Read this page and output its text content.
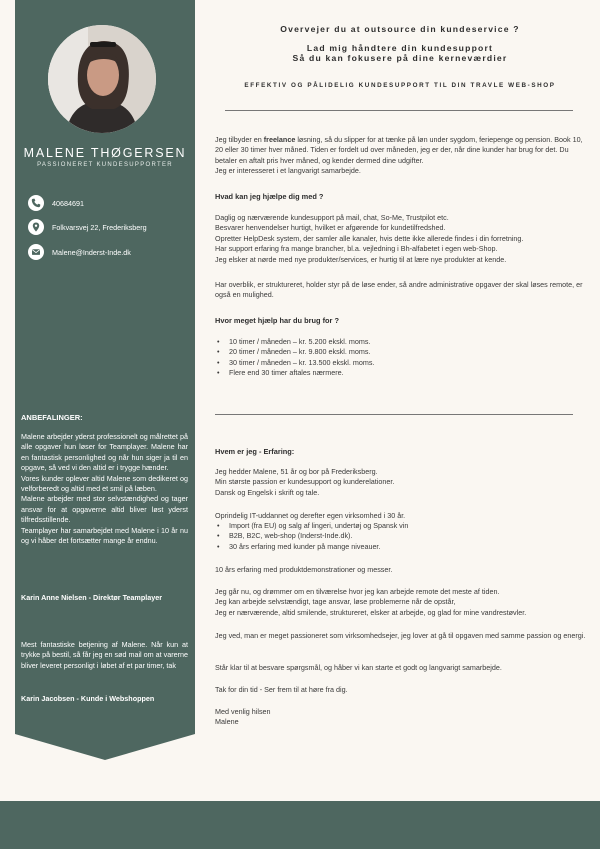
MALENE THØGERSEN
PASSIONERET KUNDESUPPORTER
40684691
Folkvarsvej 22, Frederiksberg
Malene@Inderst-Inde.dk
ANBEFALINGER:

Malene arbejder yderst professionelt og målrettet på alle opgaver hun løser for Teamplayer. Malene har en fantastisk personlighed og når hun siger ja til en opgave, så ved vi den altid er i trygge hænder.

Vores kunder oplever altid Malene som dedikeret og velforberedt og altid med et smil på læben.

Malene arbejder med stor selvstændighed og tager ansvar for at opgaverne altid bliver løst yderst tilfredsstillende.

Teamplayer har samarbejdet med Malene i 10 år nu og vi håber det fortsætter mange år endnu.

Karin Anne Nielsen - Direktør Teamplayer
Mest fantastiske betjening af Malene. Når kun at trykke på bestil, så får jeg en sød mail om at varerne bliver leveret personligt i løbet af et par timer, tak
Karin Jacobsen - Kunde i Webshoppen
Overvejer du at outsource din kundeservice ?
Lad mig håndtere din kundesupport
Så du kan fokusere på dine kerneværdier
EFFEKTIV OG PÅLIDELIG KUNDESUPPORT TIL DIN TRAVLE WEB-SHOP

Jeg tilbyder en freelance løsning, så du slipper for at tænke på løn under sygdom, feriepenge og pension. Book 10, 20 eller 30 timer hver måned. Tiden er fordelt ud over måneden, jeg er der, når dine kunder har brug for det. Du betaler en aftalt pris hver måned, og kender dermed dine udgifter.
Jeg er interesseret i et langvarigt samarbejde.

Hvad kan jeg hjælpe dig med ?

Daglig og nærværende kundesupport på mail, chat, So-Me, Trustpilot etc.
Besvarer henvendelser hurtigt, hvilket er afgørende for kundetilfredshed.
Opretter HelpDesk system, der samler alle kanaler, hvis dette ikke allerede findes i din forretning.
Har support erfaring fra mange brancher, bl.a. vejledning i Bh-alfabetet i egen web-Shop.
Jeg elsker at nørde med nye produkter/services, er hurtig til at lære nye produkter at kende.

Har overblik, er struktureret, holder styr på de løse ender, så andre administrative opgaver der skal løses remote, er også en mulighed.

Hvor meget hjælp har du brug for ?
• 10 timer / måneden – kr. 5.200 ekskl. moms.
• 20 timer / måneden – kr. 9.800 ekskl. moms.
• 30 timer / måneden – kr. 13.500 ekskl. moms.
• Flere end 30 timer aftales nærmere.
Hvem er jeg - Erfaring:

Jeg hedder Malene, 51 år og bor på Frederiksberg.
Min største passion er kundesupport og kunderelationer.
Dansk og Engelsk i skrift og tale.

Oprindelig IT-uddannet og derefter egen virksomhed i 30 år.

• Import (fra EU) og salg af lingeri, undertøj og Spansk vin
• B2B, B2C, web-shop (Inderst-Inde.dk).
• 30 års erfaring med kunder på mange niveauer.

10 års erfaring med produktdemonstrationer og messer.

Jeg går nu, og drømmer om en tilværelse hvor jeg kan arbejde remote det meste af tiden.
Jeg kan arbejde selvstændigt, tage ansvar, løse problemerne når de opstår,
Jeg er nærværende, altid smilende, struktureret, elsker at arbejde, og glad for mine vandrestøvler.

Jeg ved, man er meget passioneret som virksomhedsejer, jeg lover at gå til opgaven med samme passion og energi.

Står klar til at besvare spørgsmål, og håber vi kan starte et godt og langvarigt samarbejde.

Tak for din tid - Ser frem til at høre fra dig.

Med venlig hilsen
Malene
